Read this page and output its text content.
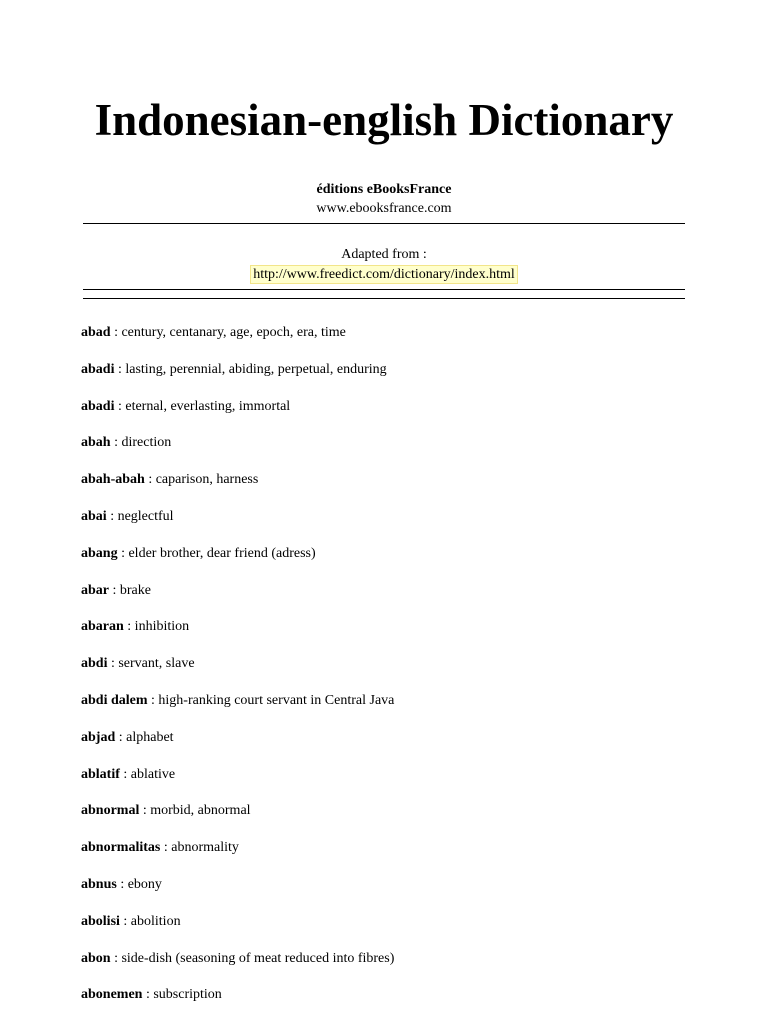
Indonesian-english Dictionary
éditions eBooksFrance
www.ebooksfrance.com
Adapted from :
http://www.freedict.com/dictionary/index.html
abad : century, centanary, age, epoch, era, time
abadi : lasting, perennial, abiding, perpetual, enduring
abadi : eternal, everlasting, immortal
abah : direction
abah-abah : caparison, harness
abai : neglectful
abang : elder brother, dear friend (adress)
abar : brake
abaran : inhibition
abdi : servant, slave
abdi dalem : high-ranking court servant in Central Java
abjad : alphabet
ablatif : ablative
abnormal : morbid, abnormal
abnormalitas : abnormality
abnus : ebony
abolisi : abolition
abon : side-dish (seasoning of meat reduced into fibres)
abonemen : subscription
